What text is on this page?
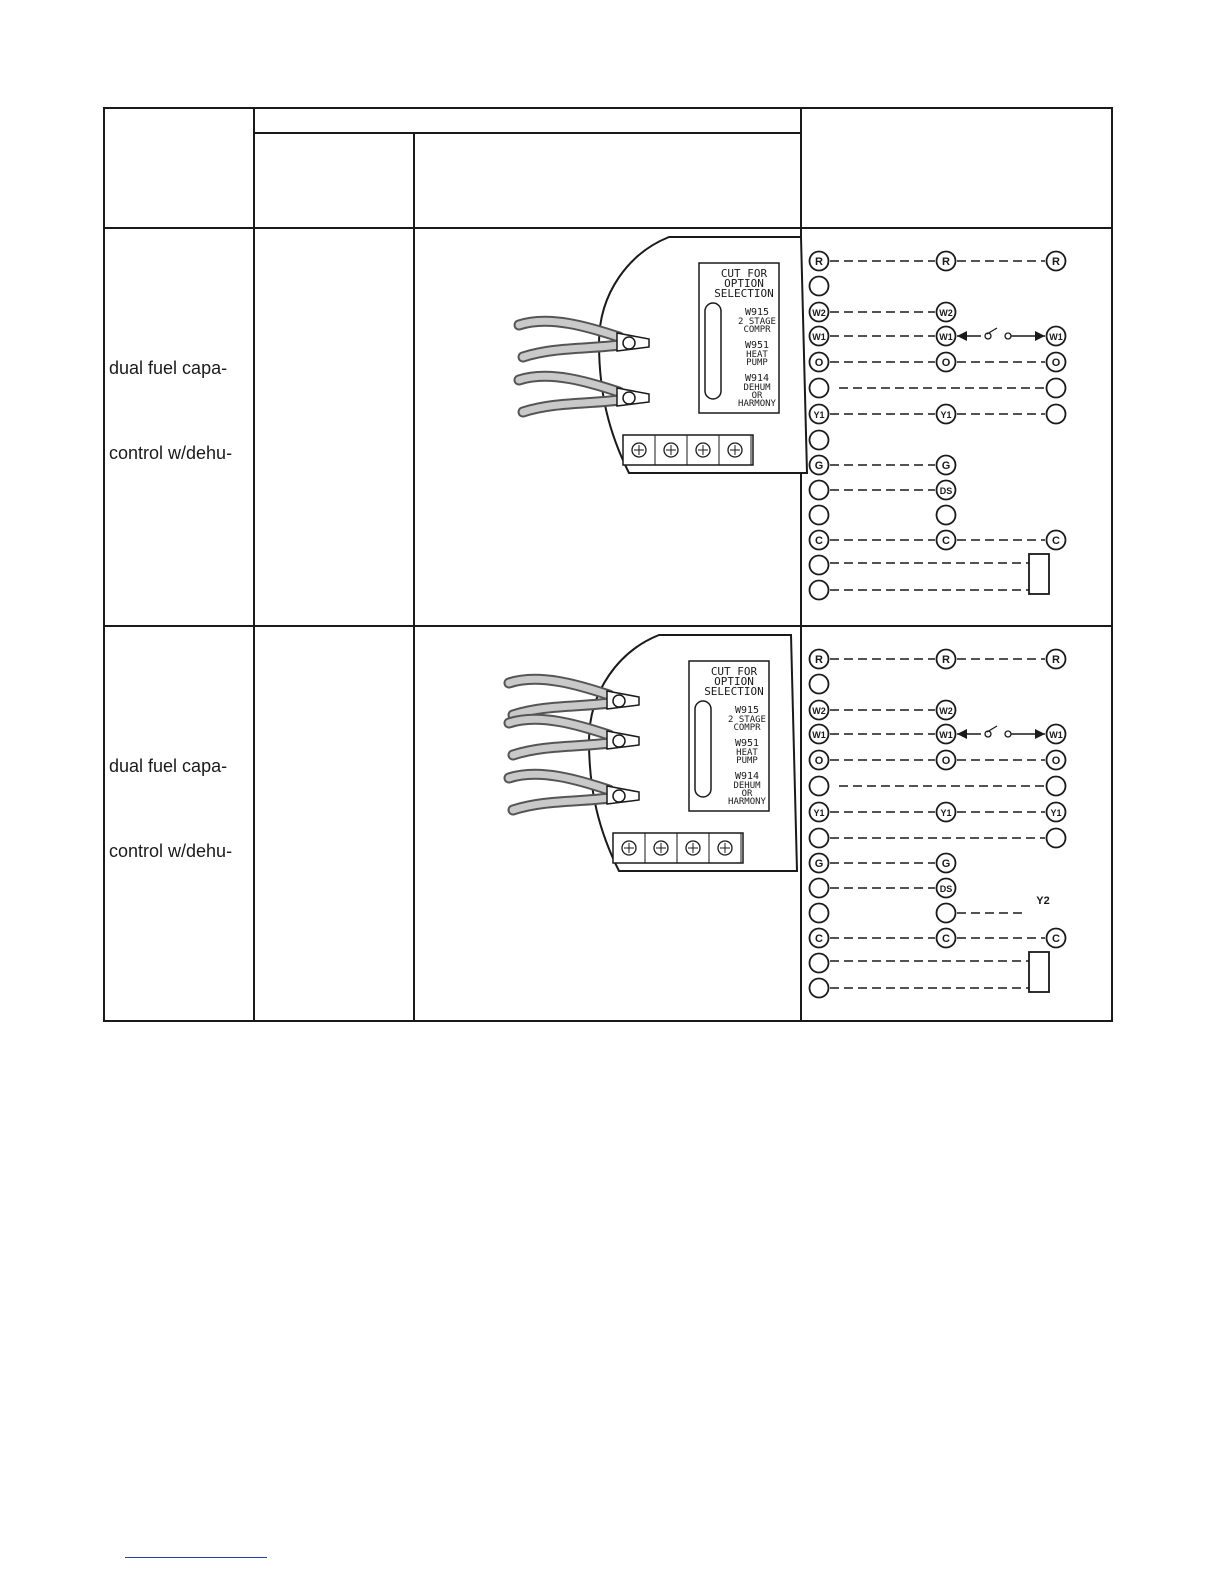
CUT FOR
OPTION
SELECTION
W915
2 STAGE
COMPR
W951
HEAT
PUMP
W914
DEHUM
OR
HARMONY
CUT FOR
OPTION
SELECTION
W915
2 STAGE
COMPR
W951
HEAT
PUMP
W914
DEHUM
OR
HARMONY
R
W2
W1
O
Y1
G
C
R
W2
W1
O
Y1
G
DS
C
R
W1
O
C
R
W2
W1
O
Y1
G
C
R
W2
W1
O
Y1
G
DS
C
R
W1
O
Y1
C
Y2
dual fuel capa-
control w/dehu-
dual fuel capa-
control w/dehu-
